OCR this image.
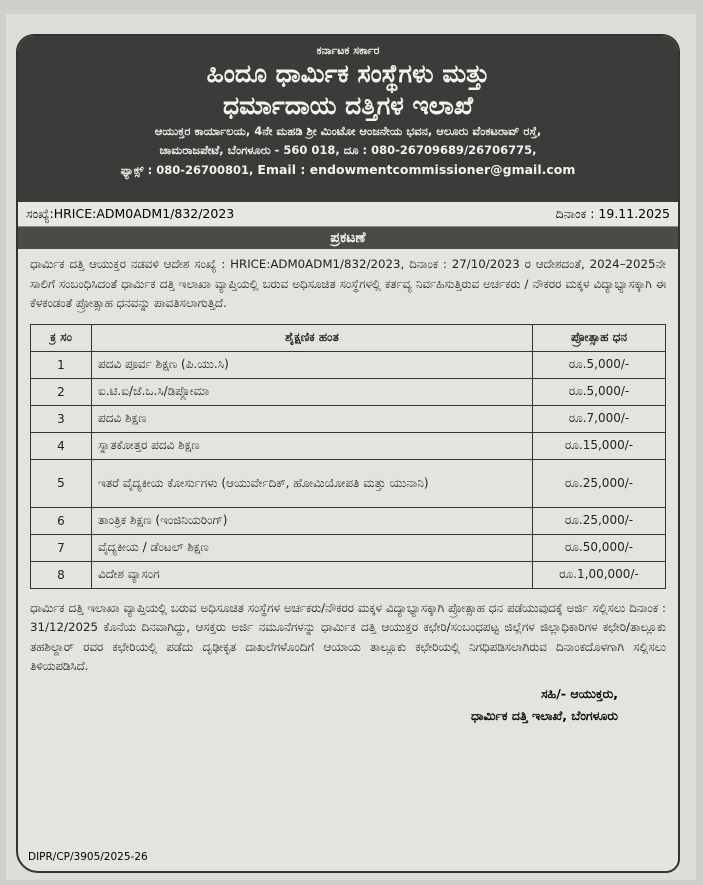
ಕರ್ನಾಟಕ ಸರ್ಕಾರ
ಹಿಂದೂ ಧಾರ್ಮಿಕ ಸಂಸ್ಥೆಗಳು ಮತ್ತು
ಧರ್ಮಾದಾಯ ದತ್ತಿಗಳ ಇಲಾಖೆ
ಆಯುಕ್ತರ ಕಾರ್ಯಾಲಯ, 4ನೇ ಮಹಡಿ ಶ್ರೀ ಮಿಂಟೋ ಆಂಜನೇಯ ಭವನ, ಆಲೂರು ವೆಂಕಟರಾವ್ ರಸ್ತೆ,
ಚಾಮರಾಜಪೇಟೆ, ಬೆಂಗಳೂರು - 560 018, ದೂ : 080-26709689/26706775,
ಫ್ಯಾಕ್ಸ್ : 080-26700801, Email : endowmentcommissioner@gmail.com
ಸಂಖ್ಯೆ:HRICE:ADM0ADM1/832/2023	ದಿನಾಂಕ : 19.11.2025
ಪ್ರಕಟಣೆ
ಧಾರ್ಮಿಕ ದತ್ತಿ ಆಯುಕ್ತರ ನಡವಳಿ ಆದೇಶ ಸಂಖ್ಯೆ : HRICE:ADM0ADM1/832/2023, ದಿನಾಂಕ : 27/10/2023 ರ ಆದೇಶದಂತೆ, 2024–2025ನೇ ಸಾಲಿಗೆ ಸಂಬಂಧಿಸಿದಂತೆ ಧಾರ್ಮಿಕ ದತ್ತಿ ಇಲಾಖಾ ವ್ಯಾಪ್ತಿಯಲ್ಲಿ ಬರುವ ಅಧಿಸೂಚಿತ ಸಂಸ್ಥೆಗಳಲ್ಲಿ ಕರ್ತವ್ಯ ನಿರ್ವಹಿಸುತ್ತಿರುವ ಅರ್ಚಕರು / ನೌಕರರ ಮಕ್ಕಳ ವಿದ್ಯಾಭ್ಯಾಸಕ್ಕಾಗಿ ಈ ಕೆಳಕಂಡಂತೆ ಪ್ರೋತ್ಸಾಹ ಧನವನ್ನು ಪಾವತಿಸಲಾಗುತ್ತಿದೆ.
ಕ್ರ ಸಂ	ಶೈಕ್ಷಣಿಕ ಹಂತ	ಪ್ರೋತ್ಸಾಹ ಧನ
1	ಪದವಿ ಪೂರ್ವ ಶಿಕ್ಷಣ (ಪಿ.ಯು.ಸಿ)	ರೂ.5,000/-
2	ಐ.ಟಿ.ಐ/ಜೆ.ಒ.ಸಿ/ಡಿಪ್ಲೋಮಾ	ರೂ.5,000/-
3	ಪದವಿ ಶಿಕ್ಷಣ	ರೂ.7,000/-
4	ಸ್ನಾತಕೋತ್ತರ ಪದವಿ ಶಿಕ್ಷಣ	ರೂ.15,000/-
5	ಇತರೆ ವೈದ್ಯಕೀಯ ಕೋರ್ಸುಗಳು (ಆಯುರ್ವೇದಿಕ್, ಹೋಮಿಯೋಪತಿ ಮತ್ತು ಯುನಾನಿ)	ರೂ.25,000/-
6	ತಾಂತ್ರಿಕ ಶಿಕ್ಷಣ (ಇಂಜಿನಿಯರಿಂಗ್)	ರೂ.25,000/-
7	ವೈದ್ಯಕೀಯ / ಡೆಂಟಲ್ ಶಿಕ್ಷಣ	ರೂ.50,000/-
8	ವಿದೇಶ ವ್ಯಾಸಂಗ	ರೂ.1,00,000/-
ಧಾರ್ಮಿಕ ದತ್ತಿ ಇಲಾಖಾ ವ್ಯಾಪ್ತಿಯಲ್ಲಿ ಬರುವ ಅಧಿಸೂಚಿತ ಸಂಸ್ಥೆಗಳ ಅರ್ಚಕರು/ನೌಕರರ ಮಕ್ಕಳ ವಿದ್ಯಾಭ್ಯಾಸಕ್ಕಾಗಿ ಪ್ರೋತ್ಸಾಹ ಧನ ಪಡೆಯುವುದಕ್ಕೆ ಅರ್ಜಿ ಸಲ್ಲಿಸಲು ದಿನಾಂಕ : 31/12/2025 ಕೊನೆಯ ದಿನವಾಗಿದ್ದು, ಆಸಕ್ತರು ಅರ್ಜಿ ನಮೂನೆಗಳನ್ನು ಧಾರ್ಮಿಕ ದತ್ತಿ ಆಯುಕ್ತರ ಕಛೇರಿ/ಸಂಬಂಧಪಟ್ಟ ಜಿಲ್ಲೆಗಳ ಜಿಲ್ಲಾಧಿಕಾರಿಗಳ ಕಛೇರಿ/ತಾಲ್ಲೂಕು ತಹಶಿಲ್ದಾರ್ ರವರ ಕಛೇರಿಯಲ್ಲಿ ಪಡೆದು ದೃಢೀಕೃತ ದಾಖಲೆಗಳೊಂದಿಗೆ ಆಯಾಯ ತಾಲ್ಲೂಕು ಕಛೇರಿಯಲ್ಲಿ ನಿಗಧಿಪಡಿಸಲಾಗಿರುವ ದಿನಾಂಕದೊಳಗಾಗಿ ಸಲ್ಲಿಸಲು ತಿಳಿಯಪಡಿಸಿದೆ.
ಸಹಿ/- ಆಯುಕ್ತರು,
ಧಾರ್ಮಿಕ ದತ್ತಿ ಇಲಾಖೆ, ಬೆಂಗಳೂರು
DIPR/CP/3905/2025-26
